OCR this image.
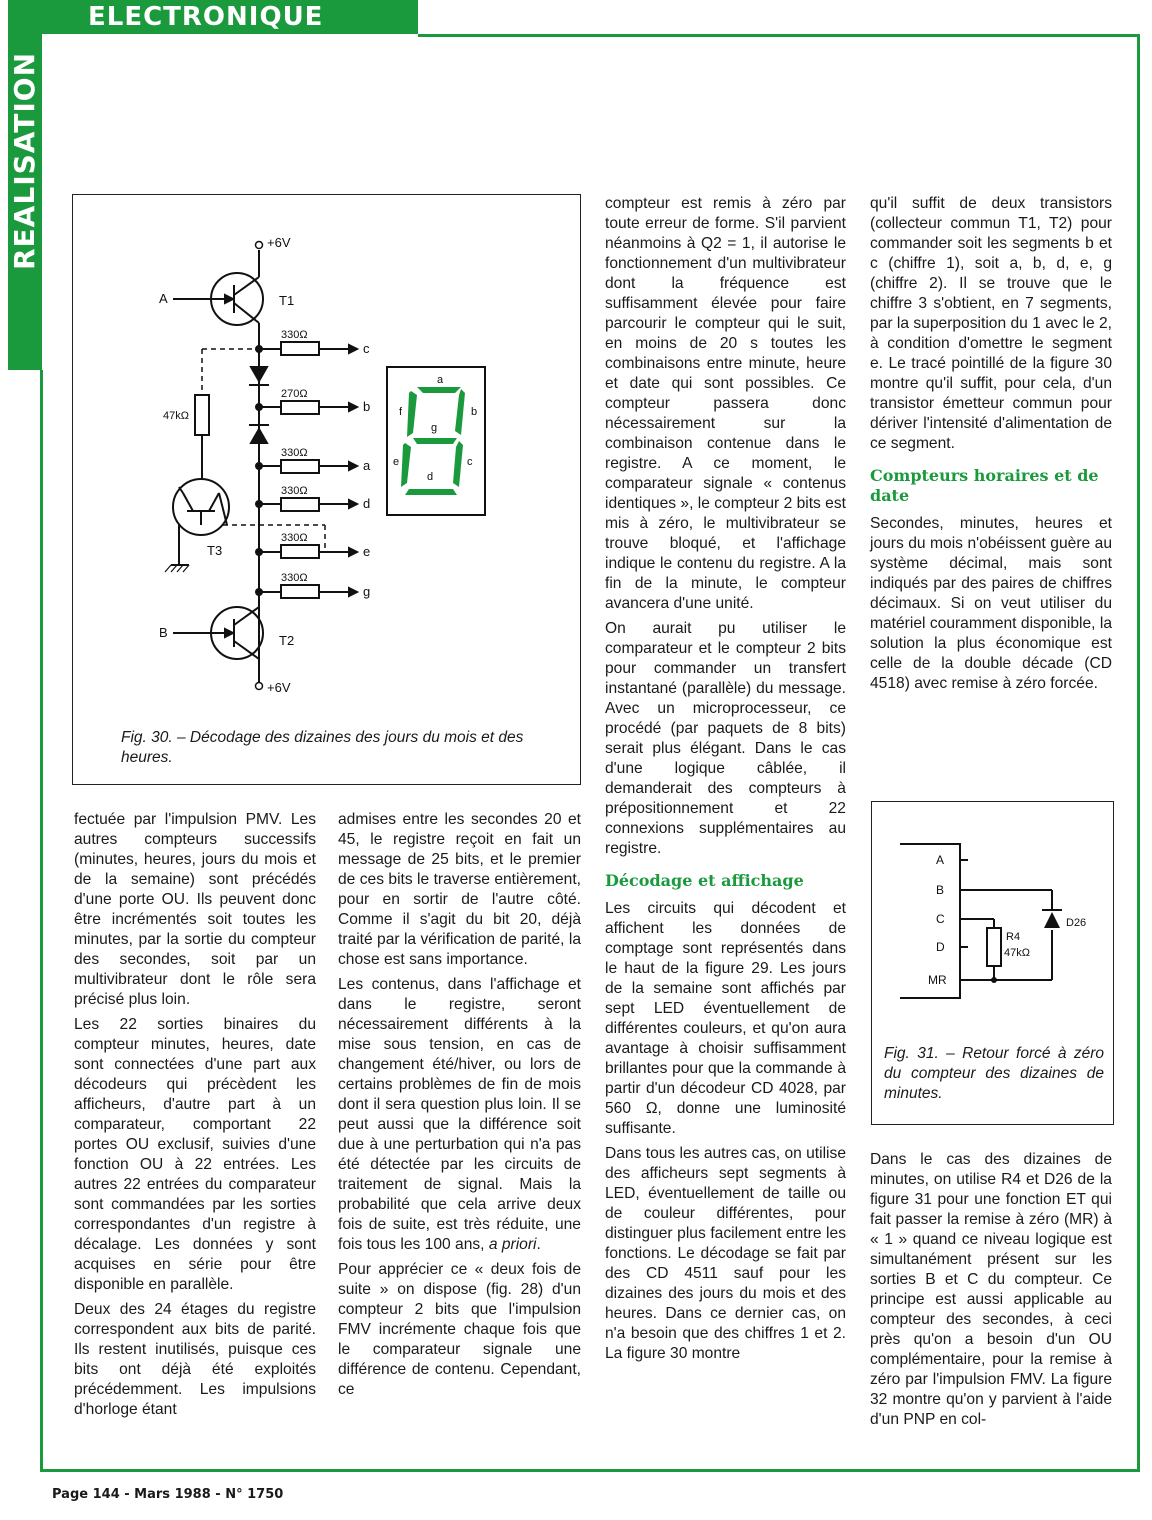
REALISATION
ELECTRONIQUE
+6V
+6V
A
B
T1
T2
T3
47kΩ
330Ω
270Ω
330Ω
330Ω
330Ω
330Ω
c
b
a
d
e
g
a
b
c
d
e
f
g
Fig. 30. – Décodage des dizaines des jours du mois et des heures.

fectuée par l'impulsion PMV. Les autres compteurs successifs (minutes, heures, jours du mois et de la semaine) sont précédés d'une porte OU. Ils peuvent donc être incrémentés soit toutes les minutes, par la sortie du compteur des secondes, soit par un multivibrateur dont le rôle sera précisé plus loin.

Les 22 sorties binaires du compteur minutes, heures, date sont connectées d'une part aux décodeurs qui précèdent les afficheurs, d'autre part à un comparateur, comportant 22 portes OU exclusif, suivies d'une fonction OU à 22 entrées. Les autres 22 entrées du comparateur sont commandées par les sorties correspondantes d'un registre à décalage. Les données y sont acquises en série pour être disponible en parallèle.

Deux des 24 étages du registre correspondent aux bits de parité. Ils restent inutilisés, puisque ces bits ont déjà été exploités précédemment. Les impulsions d'horloge étant

admises entre les secondes 20 et 45, le registre reçoit en fait un message de 25 bits, et le premier de ces bits le traverse entièrement, pour en sortir de l'autre côté. Comme il s'agit du bit 20, déjà traité par la vérification de parité, la chose est sans importance.

Les contenus, dans l'affichage et dans le registre, seront nécessairement différents à la mise sous tension, en cas de changement été/hiver, ou lors de certains problèmes de fin de mois dont il sera question plus loin. Il se peut aussi que la différence soit due à une perturbation qui n'a pas été détectée par les circuits de traitement de signal. Mais la probabilité que cela arrive deux fois de suite, est très réduite, une fois tous les 100 ans, a priori.

Pour apprécier ce « deux fois de suite » on dispose (fig. 28) d'un compteur 2 bits que l'impulsion FMV incrémente chaque fois que le comparateur signale une différence de contenu. Cependant, ce

compteur est remis à zéro par toute erreur de forme. S'il parvient néanmoins à Q2 = 1, il autorise le fonctionnement d'un multivibrateur dont la fréquence est suffisamment élevée pour faire parcourir le compteur qui le suit, en moins de 20 s toutes les combinaisons entre minute, heure et date qui sont possibles. Ce compteur passera donc nécessairement sur la combinaison contenue dans le registre. A ce moment, le comparateur signale « contenus identiques », le compteur 2 bits est mis à zéro, le multivibrateur se trouve bloqué, et l'affichage indique le contenu du registre. A la fin de la minute, le compteur avancera d'une unité.

On aurait pu utiliser le comparateur et le compteur 2 bits pour commander un transfert instantané (parallèle) du message. Avec un microprocesseur, ce procédé (par paquets de 8 bits) serait plus élégant. Dans le cas d'une logique câblée, il demanderait des compteurs à prépositionnement et 22 connexions supplémentaires au registre.

Décodage et affichage

Les circuits qui décodent et affichent les données de comptage sont représentés dans le haut de la figure 29. Les jours de la semaine sont affichés par sept LED éventuellement de différentes couleurs, et qu'on aura avantage à choisir suffisamment brillantes pour que la commande à partir d'un décodeur CD 4028, par 560 Ω, donne une luminosité suffisante.

Dans tous les autres cas, on utilise des afficheurs sept segments à LED, éventuellement de taille ou de couleur différentes, pour distinguer plus facilement entre les fonctions. Le décodage se fait par des CD 4511 sauf pour les dizaines des jours du mois et des heures. Dans ce dernier cas, on n'a besoin que des chiffres 1 et 2. La figure 30 montre

qu'il suffit de deux transistors (collecteur commun T1, T2) pour commander soit les segments b et c (chiffre 1), soit a, b, d, e, g (chiffre 2). Il se trouve que le chiffre 3 s'obtient, en 7 segments, par la superposition du 1 avec le 2, à condition d'omettre le segment e. Le tracé pointillé de la figure 30 montre qu'il suffit, pour cela, d'un transistor émetteur commun pour dériver l'intensité d'alimentation de ce segment.

Compteurs horaires et de date

Secondes, minutes, heures et jours du mois n'obéissent guère au système décimal, mais sont indiqués par des paires de chiffres décimaux. Si on veut utiliser du matériel couramment disponible, la solution la plus économique est celle de la double décade (CD 4518) avec remise à zéro forcée.

A
B
C
D
MR
R4
47kΩ
D26
Fig. 31. – Retour forcé à zéro du compteur des dizaines de minutes.

Dans le cas des dizaines de minutes, on utilise R4 et D26 de la figure 31 pour une fonction ET qui fait passer la remise à zéro (MR) à « 1 » quand ce niveau logique est simultanément présent sur les sorties B et C du compteur. Ce principe est aussi applicable au compteur des secondes, à ceci près qu'on a besoin d'un OU complémentaire, pour la remise à zéro par l'impulsion FMV. La figure 32 montre qu'on y parvient à l'aide d'un PNP en col-

Page 144 - Mars 1988 - N° 1750
